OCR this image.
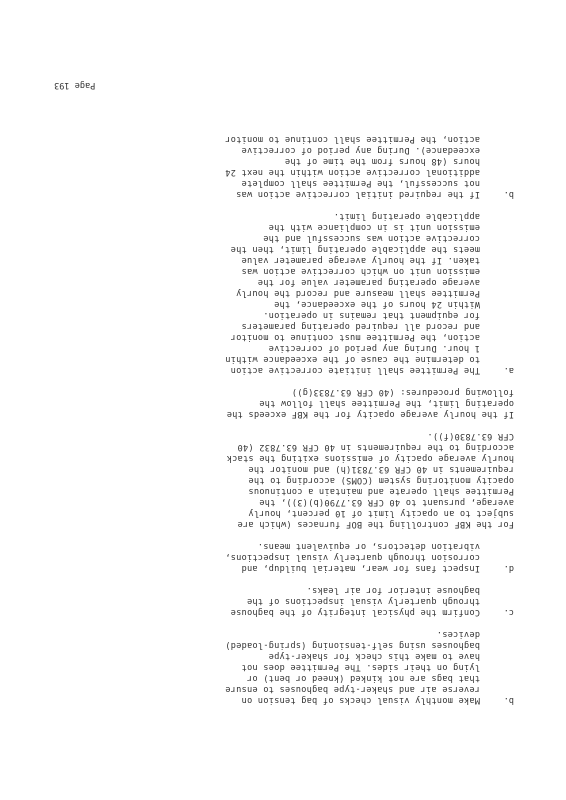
b.
Make monthly visual checks of bag tension on
reverse air and shaker-type baghouses to ensure
that bags are not kinked (kneed or bent) or
lying on their sides. The Permittee does not
have to make this check for shaker-type
baghouses using self-tensioning (spring-loaded)
devices.
c.
Confirm the physical integrity of the baghouse
through quarterly visual inspections of the
baghouse interior for air leaks.
d.
Inspect fans for wear, material buildup, and
corrosion through quarterly visual inspections,
vibration detectors, or equivalent means.
For the KBF controlling the BOF furnaces (which are
subject to an opacity limit of 10 percent, hourly
average, pursuant to 40 CFR 63.7790(b)(3)), the
Permittee shall operate and maintain a continuous
opacity monitoring system (COMS) according to the
requirements in 40 CFR 63.7831(h) and monitor the
hourly average opacity of emissions exiting the stack
according to the requirements in 40 CFR 63.7832 (40
CFR 63.7830(f)).
If the hourly average opacity for the KBF exceeds the
operating limit, the Permittee shall follow the
following procedures: (40 CFR 63.7833(g))
a.
The Permittee shall initiate corrective action
to determine the cause of the exceedance within
1 hour. During any period of corrective
action, the Permittee must continue to monitor
and record all required operating parameters
for equipment that remains in operation.
Within 24 hours of the exceedance, the
Permittee shall measure and record the hourly
average operating parameter value for the
emission unit on which corrective action was
taken. If the hourly average parameter value
meets the applicable operating limit, then the
corrective action was successful and the
emission unit is in compliance with the
applicable operating limit.
b.
If the required initial corrective action was
not successful, the Permittee shall complete
additional corrective action within the next 24
hours (48 hours from the time of the
exceedance). During any period of corrective
action, the Permittee shall continue to monitor
Page 193
